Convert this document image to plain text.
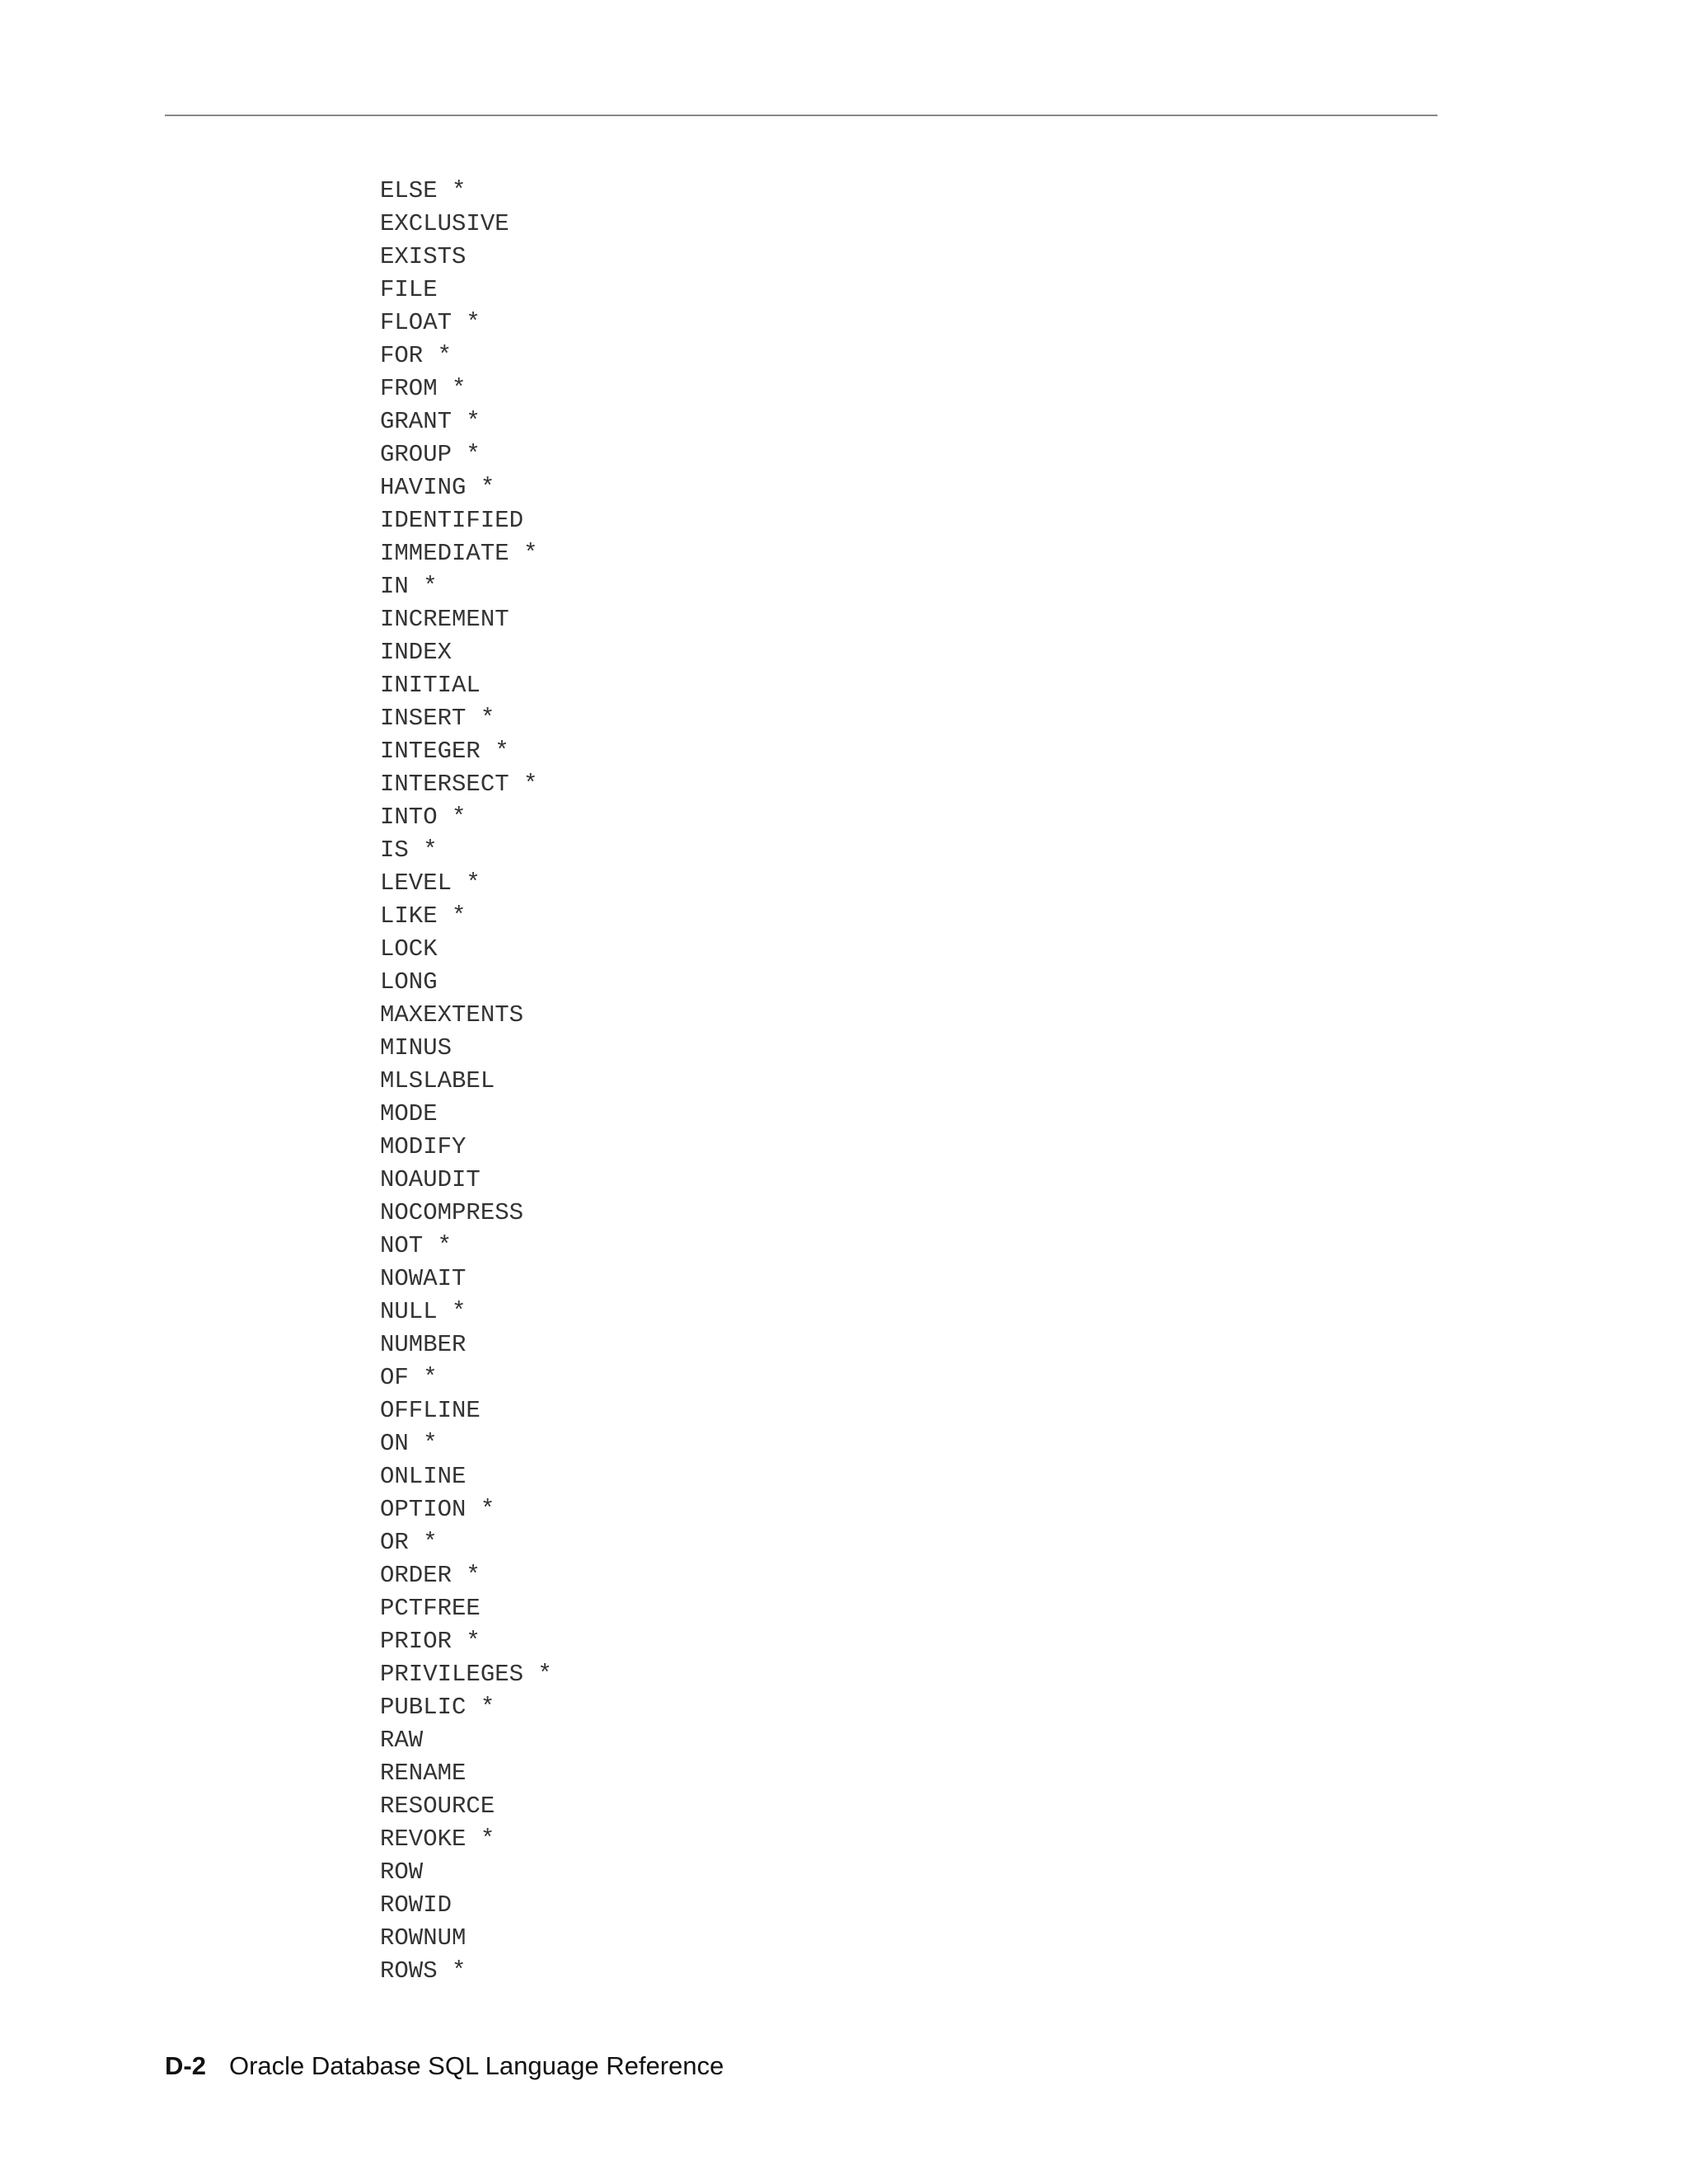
ELSE *
EXCLUSIVE
EXISTS
FILE
FLOAT *
FOR *
FROM *
GRANT *
GROUP *
HAVING *
IDENTIFIED
IMMEDIATE *
IN *
INCREMENT
INDEX
INITIAL
INSERT *
INTEGER *
INTERSECT *
INTO *
IS *
LEVEL *
LIKE *
LOCK
LONG
MAXEXTENTS
MINUS
MLSLABEL
MODE
MODIFY
NOAUDIT
NOCOMPRESS
NOT *
NOWAIT
NULL *
NUMBER
OF *
OFFLINE
ON *
ONLINE
OPTION *
OR *
ORDER *
PCTFREE
PRIOR *
PRIVILEGES *
PUBLIC *
RAW
RENAME
RESOURCE
REVOKE *
ROW
ROWID
ROWNUM
ROWS *
D-2 Oracle Database SQL Language Reference
